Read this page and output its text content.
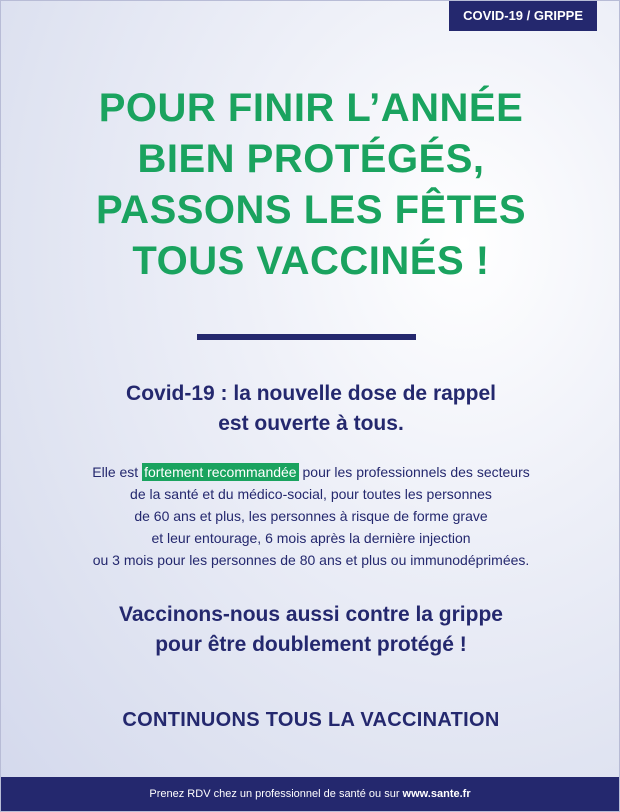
COVID-19 / GRIPPE
POUR FINIR L’ANNÉE
BIEN PROTÉGÉS,
PASSONS LES FÊTES
TOUS VACCINÉS !
Covid-19 : la nouvelle dose de rappel
est ouverte à tous.
Elle est fortement recommandée pour les professionnels des secteurs
de la santé et du médico-social, pour toutes les personnes
de 60 ans et plus, les personnes à risque de forme grave
et leur entourage, 6 mois après la dernière injection
ou 3 mois pour les personnes de 80 ans et plus ou immunodéprimées.
Vaccinons-nous aussi contre la grippe
pour être doublement protégé !
CONTINUONS TOUS LA VACCINATION
Prenez RDV chez un professionnel de santé ou sur www.sante.fr
